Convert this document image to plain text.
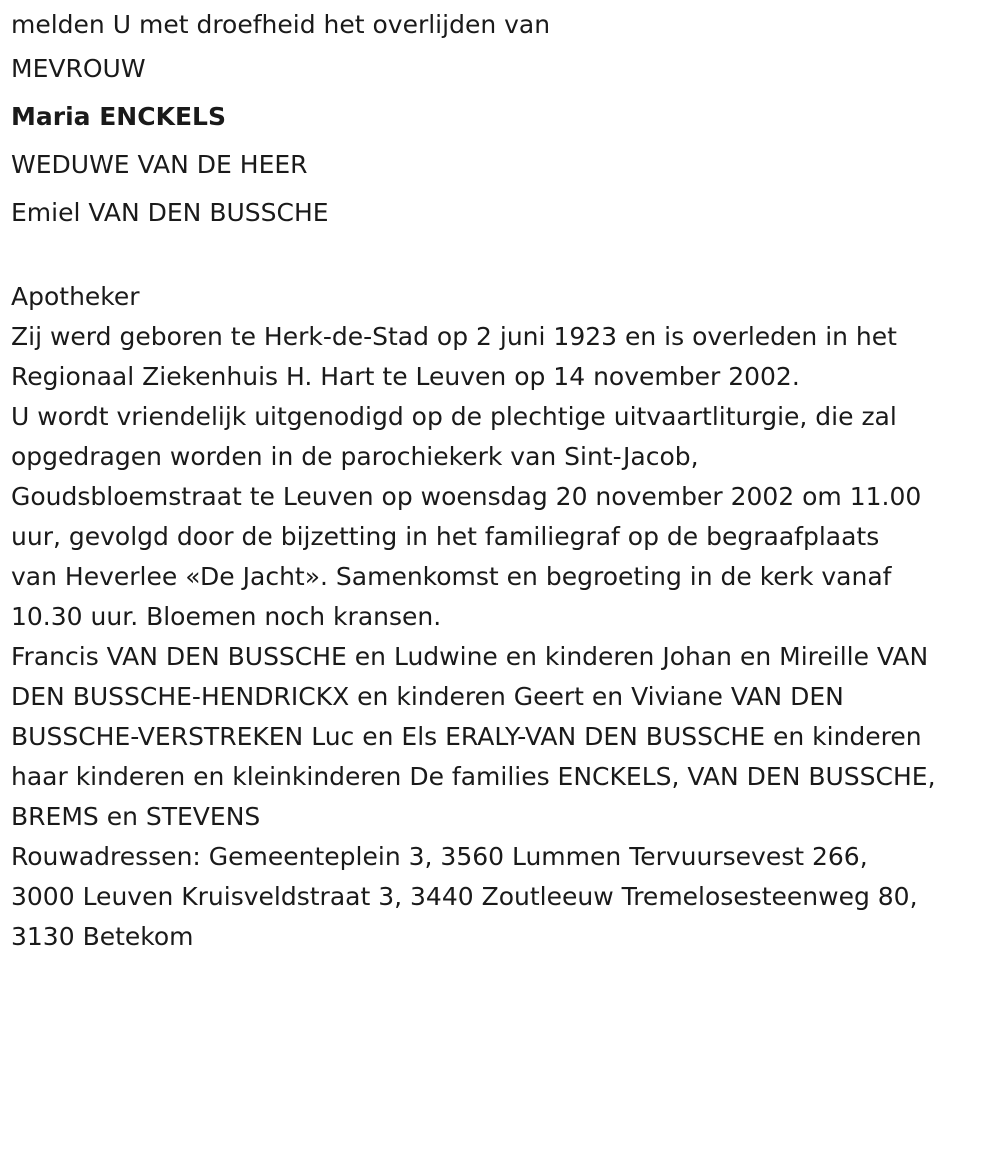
melden U met droefheid het overlijden van
MEVROUW
Maria ENCKELS
WEDUWE VAN DE HEER
Emiel VAN DEN BUSSCHE
Apotheker
Zij werd geboren te Herk-de-Stad op 2 juni 1923 en is overleden in het
Regionaal Ziekenhuis H. Hart te Leuven op 14 november 2002.
U wordt vriendelijk uitgenodigd op de plechtige uitvaartliturgie, die zal
opgedragen worden in de parochiekerk van Sint-Jacob,
Goudsbloemstraat te Leuven op woensdag 20 november 2002 om 11.00
uur, gevolgd door de bijzetting in het familiegraf op de begraafplaats
van Heverlee «De Jacht». Samenkomst en begroeting in de kerk vanaf
10.30 uur. Bloemen noch kransen.
Francis VAN DEN BUSSCHE en Ludwine en kinderen Johan en Mireille VAN
DEN BUSSCHE-HENDRICKX en kinderen Geert en Viviane VAN DEN
BUSSCHE-VERSTREKEN Luc en Els ERALY-VAN DEN BUSSCHE en kinderen
haar kinderen en kleinkinderen De families ENCKELS, VAN DEN BUSSCHE,
BREMS en STEVENS
Rouwadressen: Gemeenteplein 3, 3560 Lummen Tervuursevest 266,
3000 Leuven Kruisveldstraat 3, 3440 Zoutleeuw Tremelosesteenweg 80,
3130 Betekom
